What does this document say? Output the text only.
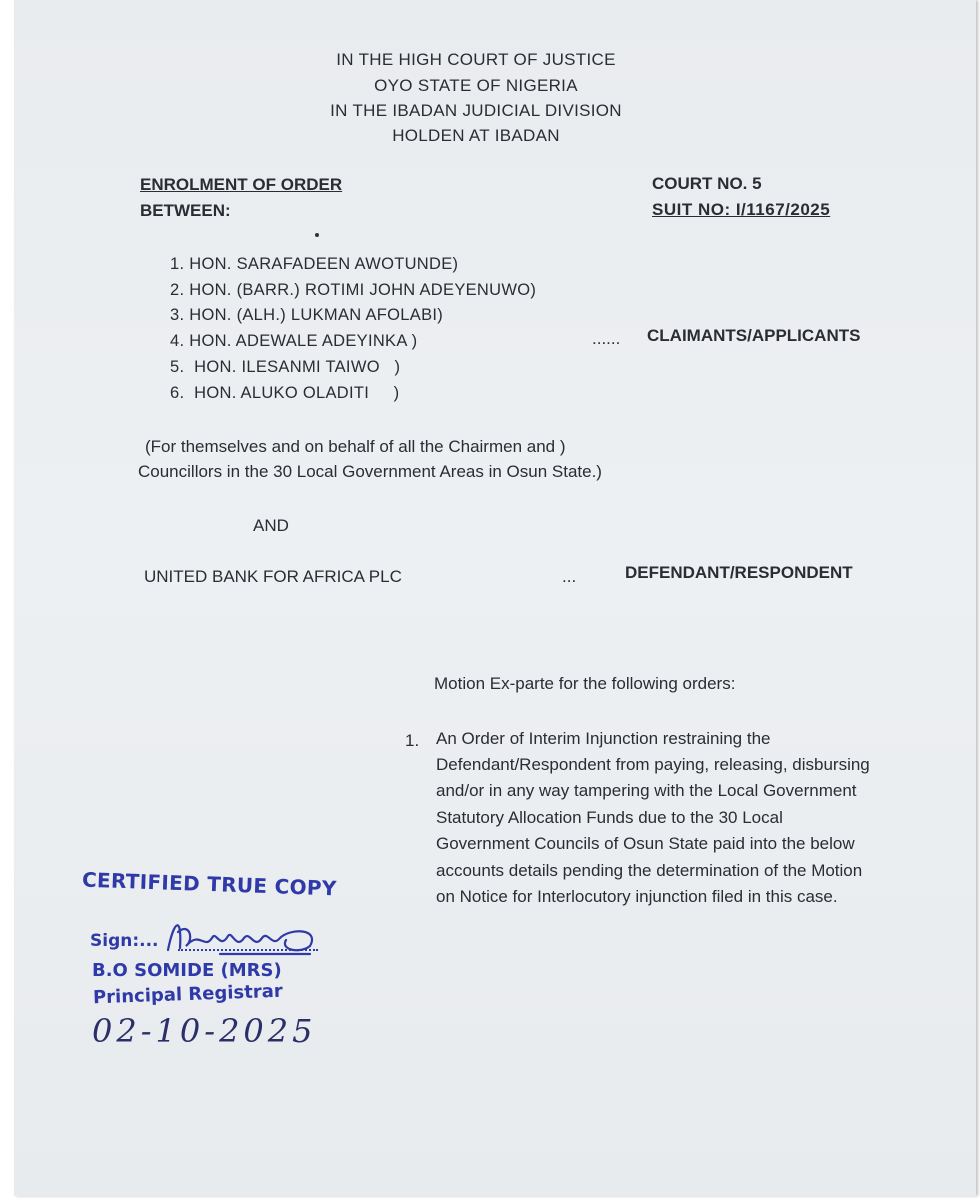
IN THE HIGH COURT OF JUSTICE
OYO STATE OF NIGERIA
IN THE IBADAN JUDICIAL DIVISION
HOLDEN AT IBADAN
ENROLMENT OF ORDER
BETWEEN:
COURT NO. 5
SUIT NO: I/1167/2025
1. HON. SARAFADEEN AWOTUNDE)
2. HON. (BARR.) ROTIMI JOHN ADEYENUWO)
3. HON. (ALH.) LUKMAN AFOLABI)
4. HON. ADEWALE ADEYINKA )
5.  HON. ILESANMI TAIWO   )
6.  HON. ALUKO OLADITI     )
...... CLAIMANTS/APPLICANTS
(For themselves and on behalf of all the Chairmen and )
Councillors in the 30 Local Government Areas in Osun State.)
AND
UNITED BANK FOR AFRICA PLC	...	DEFENDANT/RESPONDENT
Motion Ex-parte for the following orders:
1. An Order of Interim Injunction restraining the
Defendant/Respondent from paying, releasing, disbursing
and/or in any way tampering with the Local Government
Statutory Allocation Funds due to the 30 Local
Government Councils of Osun State paid into the below
accounts details pending the determination of the Motion
on Notice for Interlocutory injunction filed in this case.
CERTIFIED TRUE COPY
Sign:...
B.O SOMIDE (MRS)
Principal Registrar
02-10-2025
